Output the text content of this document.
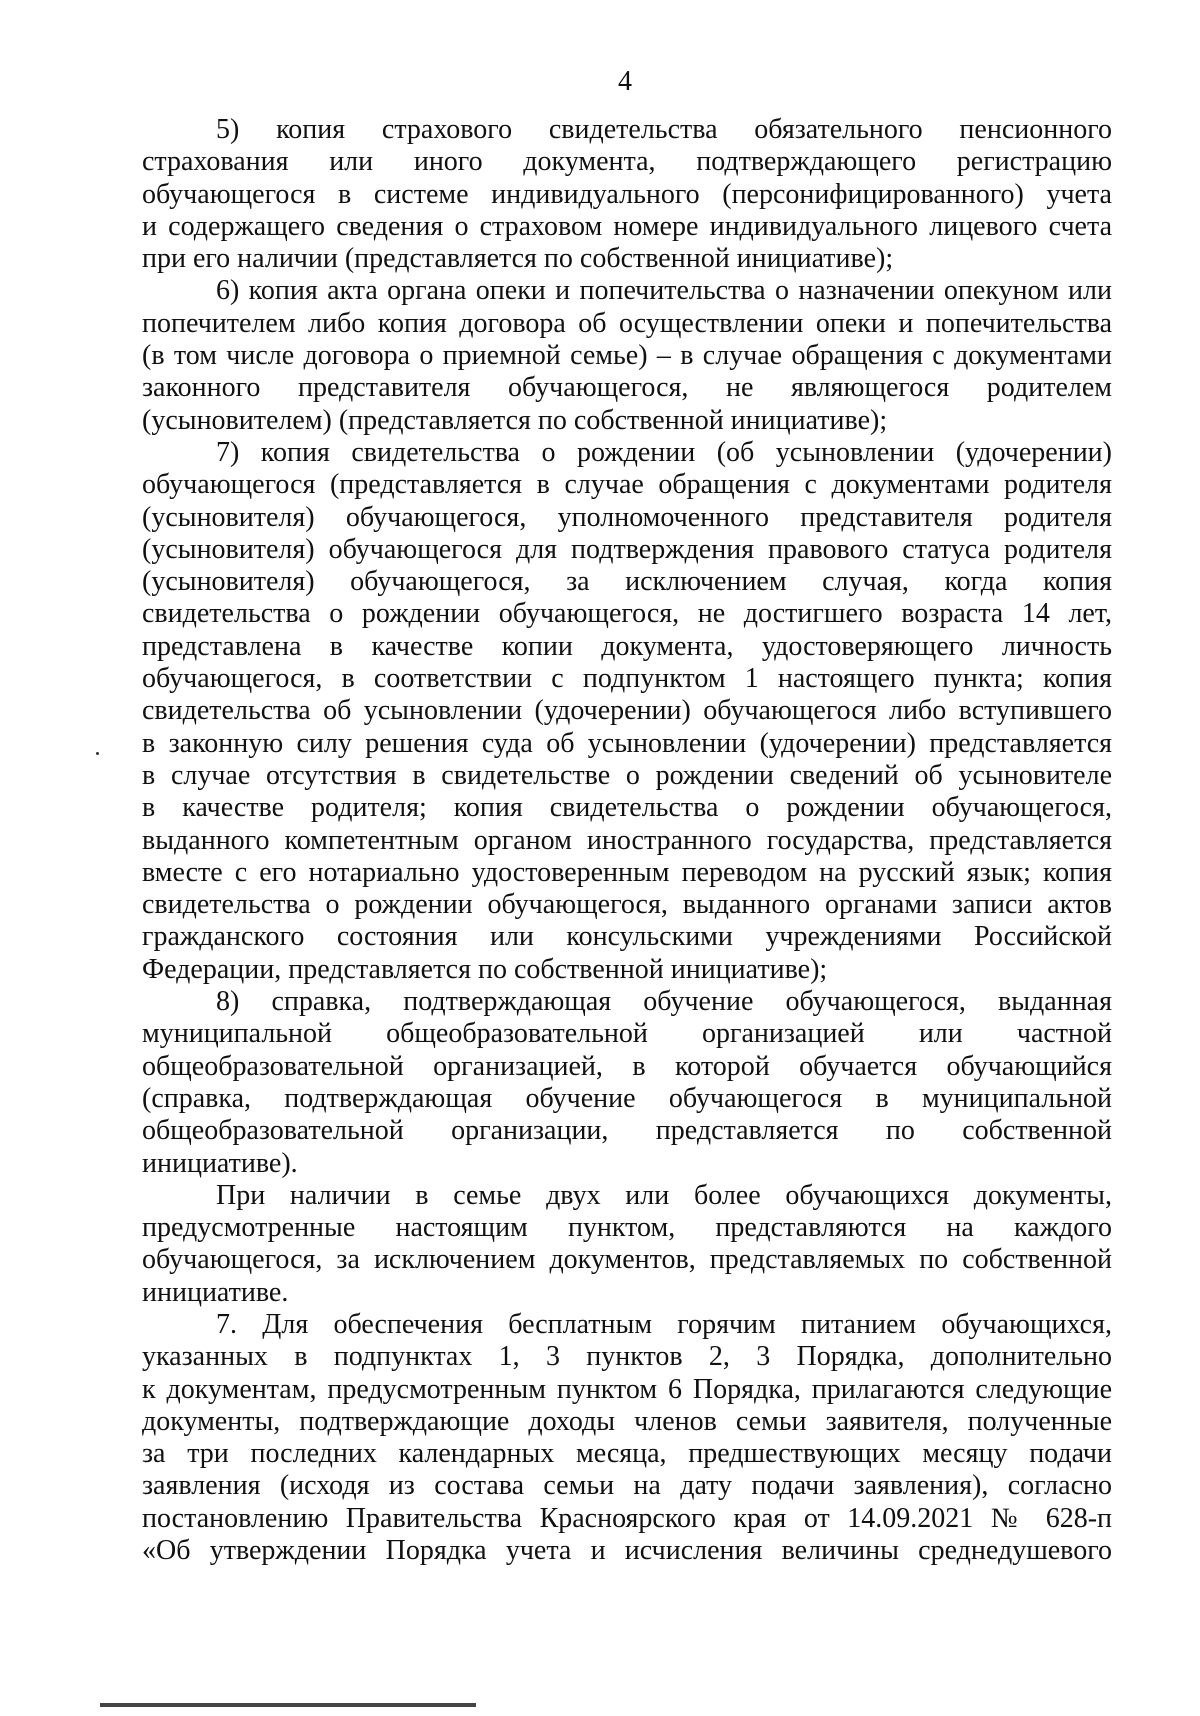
4
5) копия страхового свидетельства обязательного пенсионного
страхования или иного документа, подтверждающего регистрацию
обучающегося в системе индивидуального (персонифицированного) учета
и содержащего сведения о страховом номере индивидуального лицевого счета
при его наличии (представляется по собственной инициативе);
6) копия акта органа опеки и попечительства о назначении опекуном или
попечителем либо копия договора об осуществлении опеки и попечительства
(в том числе договора о приемной семье) – в случае обращения с документами
законного представителя обучающегося, не являющегося родителем
(усыновителем) (представляется по собственной инициативе);
7) копия свидетельства о рождении (об усыновлении (удочерении)
обучающегося (представляется в случае обращения с документами родителя
(усыновителя) обучающегося, уполномоченного представителя родителя
(усыновителя) обучающегося для подтверждения правового статуса родителя
(усыновителя) обучающегося, за исключением случая, когда копия
свидетельства о рождении обучающегося, не достигшего возраста 14 лет,
представлена в качестве копии документа, удостоверяющего личность
обучающегося, в соответствии с подпунктом 1 настоящего пункта; копия
свидетельства об усыновлении (удочерении) обучающегося либо вступившего
в законную силу решения суда об усыновлении (удочерении) представляется
в случае отсутствия в свидетельстве о рождении сведений об усыновителе
в качестве родителя; копия свидетельства о рождении обучающегося,
выданного компетентным органом иностранного государства, представляется
вместе с его нотариально удостоверенным переводом на русский язык; копия
свидетельства о рождении обучающегося, выданного органами записи актов
гражданского состояния или консульскими учреждениями Российской
Федерации, представляется по собственной инициативе);
8) справка, подтверждающая обучение обучающегося, выданная
муниципальной общеобразовательной организацией или частной
общеобразовательной организацией, в которой обучается обучающийся
(справка, подтверждающая обучение обучающегося в муниципальной
общеобразовательной организации, представляется по собственной
инициативе).
При наличии в семье двух или более обучающихся документы,
предусмотренные настоящим пунктом, представляются на каждого
обучающегося, за исключением документов, представляемых по собственной
инициативе.
7. Для обеспечения бесплатным горячим питанием обучающихся,
указанных в подпунктах 1, 3 пунктов 2, 3 Порядка, дополнительно
к документам, предусмотренным пунктом 6 Порядка, прилагаются следующие
документы, подтверждающие доходы членов семьи заявителя, полученные
за три последних календарных месяца, предшествующих месяцу подачи
заявления (исходя из состава семьи на дату подачи заявления), согласно
постановлению Правительства Красноярского края от 14.09.2021 № 628-п
«Об утверждении Порядка учета и исчисления величины среднедушевого
